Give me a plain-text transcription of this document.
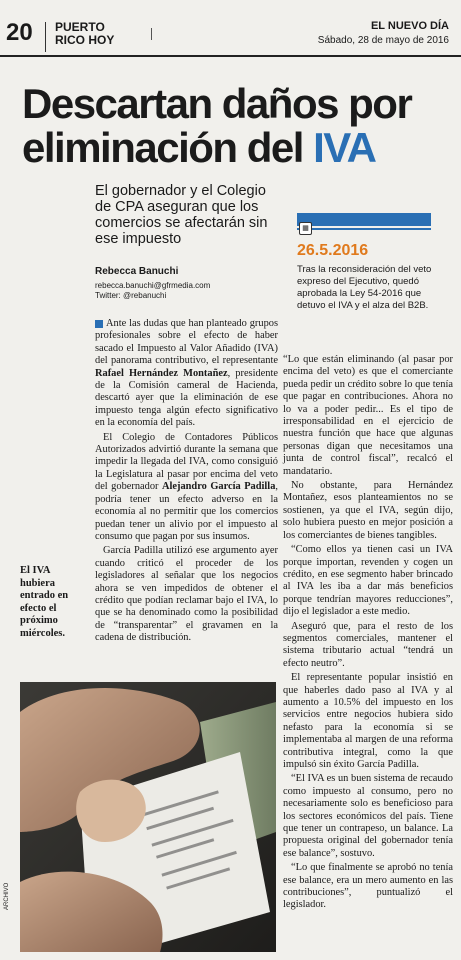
20 PUERTO RICO HOY
EL NUEVO DÍA
Sábado, 28 de mayo de 2016
Descartan daños por
eliminación del IVA
El gobernador y el Colegio de CPA aseguran que los comercios se afectarán sin ese impuesto
Rebecca Banuchi
rebecca.banuchi@gfrmedia.com
Twitter: @rebanuchi
▦
26.5.2016
Tras la reconsideración del veto expreso del Ejecutivo, quedó aprobada la Ley 54-2016 que detuvo el IVA y el alza del B2B.

Ante las dudas que han planteado grupos profesionales sobre el efecto de haber sacado el Impuesto al Valor Añadido (IVA) del panorama contributivo, el representante Rafael Hernández Montañez, presidente de la Comisión cameral de Hacienda, descartó ayer que la eliminación de ese impuesto tenga algún efecto significativo en la economía del país.

El Colegio de Contadores Públicos Autorizados advirtió durante la semana que impedir la llegada del IVA, como consiguió la Legislatura al pasar por encima del veto del gobernador Alejandro García Padilla, podría tener un efecto adverso en la economía al no permitir que los comercios puedan tener un alivio por el impuesto al consumo que pagan por sus insumos.

García Padilla utilizó ese argumento ayer cuando criticó el proceder de los legisladores al señalar que los negocios ahora se ven impedidos de obtener el crédito que podían reclamar bajo el IVA, lo que se ha denominado como la posibilidad de “transparentar” el gravamen en la cadena de distribución.

“Lo que están eliminando (al pasar por encima del veto) es que el comerciante pueda pedir un crédito sobre lo que tenía que pagar en contribuciones. Ahora no lo va a poder pedir... Es el tipo de irresponsabilidad en el ejercicio de nuestra función que hace que algunas personas digan que necesitamos una junta de control fiscal”, recalcó el mandatario.

No obstante, para Hernández Montañez, esos planteamientos no se sostienen, ya que el IVA, según dijo, solo hubiera puesto en mejor posición a los comerciantes de bienes tangibles.

“Como ellos ya tienen casi un IVA porque importan, revenden y cogen un crédito, en ese segmento haber brincado al IVA les iba a dar más beneficios porque tendrían mayores reducciones”, dijo el legislador a este medio.

Aseguró que, para el resto de los segmentos comerciales, mantener el sistema tributario actual “tendrá un efecto neutro”.

El representante popular insistió en que haberles dado paso al IVA y al aumento a 10.5% del impuesto en los servicios entre negocios hubiera sido nefasto para la economía si se implementaba al margen de una reforma contributiva integral, como la que impulsó sin éxito García Padilla.

“El IVA es un buen sistema de recaudo como impuesto al consumo, pero no necesariamente solo es beneficioso para los sectores económicos del país. Tiene que tener un contrapeso, un balance. La propuesta original del gobernador tenía ese balance”, sostuvo.

“Lo que finalmente se aprobó no tenía ese balance, era un mero aumento en las contribuciones”, puntualizó el legislador.

El IVA hubiera entrado en efecto el próximo miércoles.
ARCHIVO
